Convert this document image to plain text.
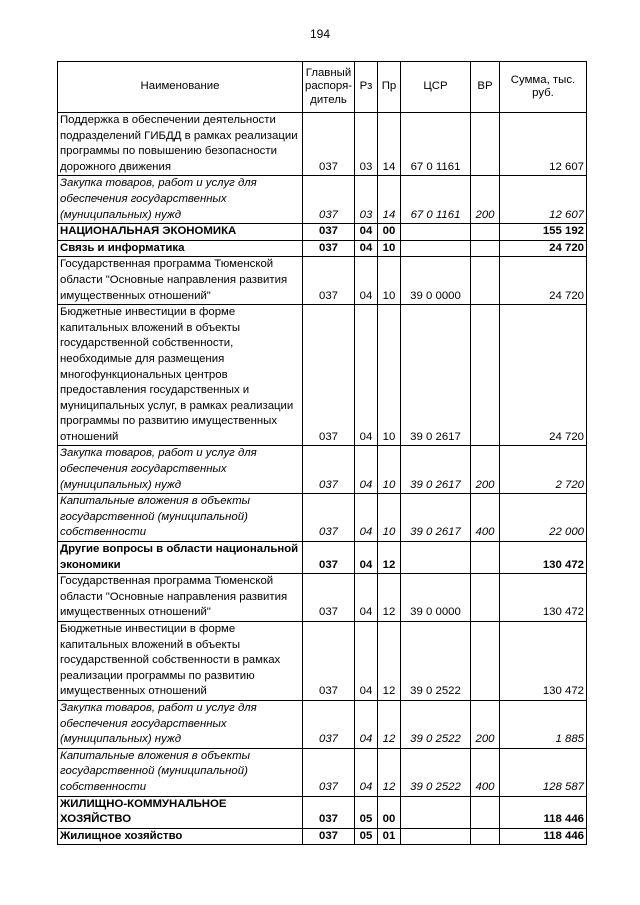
194
Наименование	Главный распоря-дитель	Рз	Пр	ЦСР	ВР	Сумма, тыс. руб.
Поддержка в обеспечении деятельности подразделений ГИБДД в рамках реализации программы по повышению безопасности дорожного движения	037	03	14	67 0 1161		12 607
Закупка товаров, работ и услуг для обеспечения государственных (муниципальных) нужд	037	03	14	67 0 1161	200	12 607
НАЦИОНАЛЬНАЯ ЭКОНОМИКА	037	04	00			155 192
Связь и информатика	037	04	10			24 720
Государственная программа Тюменской области "Основные направления развития имущественных отношений"	037	04	10	39 0 0000		24 720
Бюджетные инвестиции в форме капитальных вложений в объекты государственной собственности, необходимые для размещения многофункциональных центров предоставления государственных и муниципальных услуг, в рамках реализации программы по развитию имущественных отношений	037	04	10	39 0 2617		24 720
Закупка товаров, работ и услуг для обеспечения государственных (муниципальных) нужд	037	04	10	39 0 2617	200	2 720
Капитальные вложения в объекты государственной (муниципальной) собственности	037	04	10	39 0 2617	400	22 000
Другие вопросы в области национальной экономики	037	04	12			130 472
Государственная программа Тюменской области "Основные направления развития имущественных отношений"	037	04	12	39 0 0000		130 472
Бюджетные инвестиции в форме капитальных вложений в объекты государственной собственности в рамках реализации программы по развитию имущественных отношений	037	04	12	39 0 2522		130 472
Закупка товаров, работ и услуг для обеспечения государственных (муниципальных) нужд	037	04	12	39 0 2522	200	1 885
Капитальные вложения в объекты государственной (муниципальной) собственности	037	04	12	39 0 2522	400	128 587
ЖИЛИЩНО-КОММУНАЛЬНОЕ ХОЗЯЙСТВО	037	05	00			118 446
Жилищное хозяйство	037	05	01			118 446
